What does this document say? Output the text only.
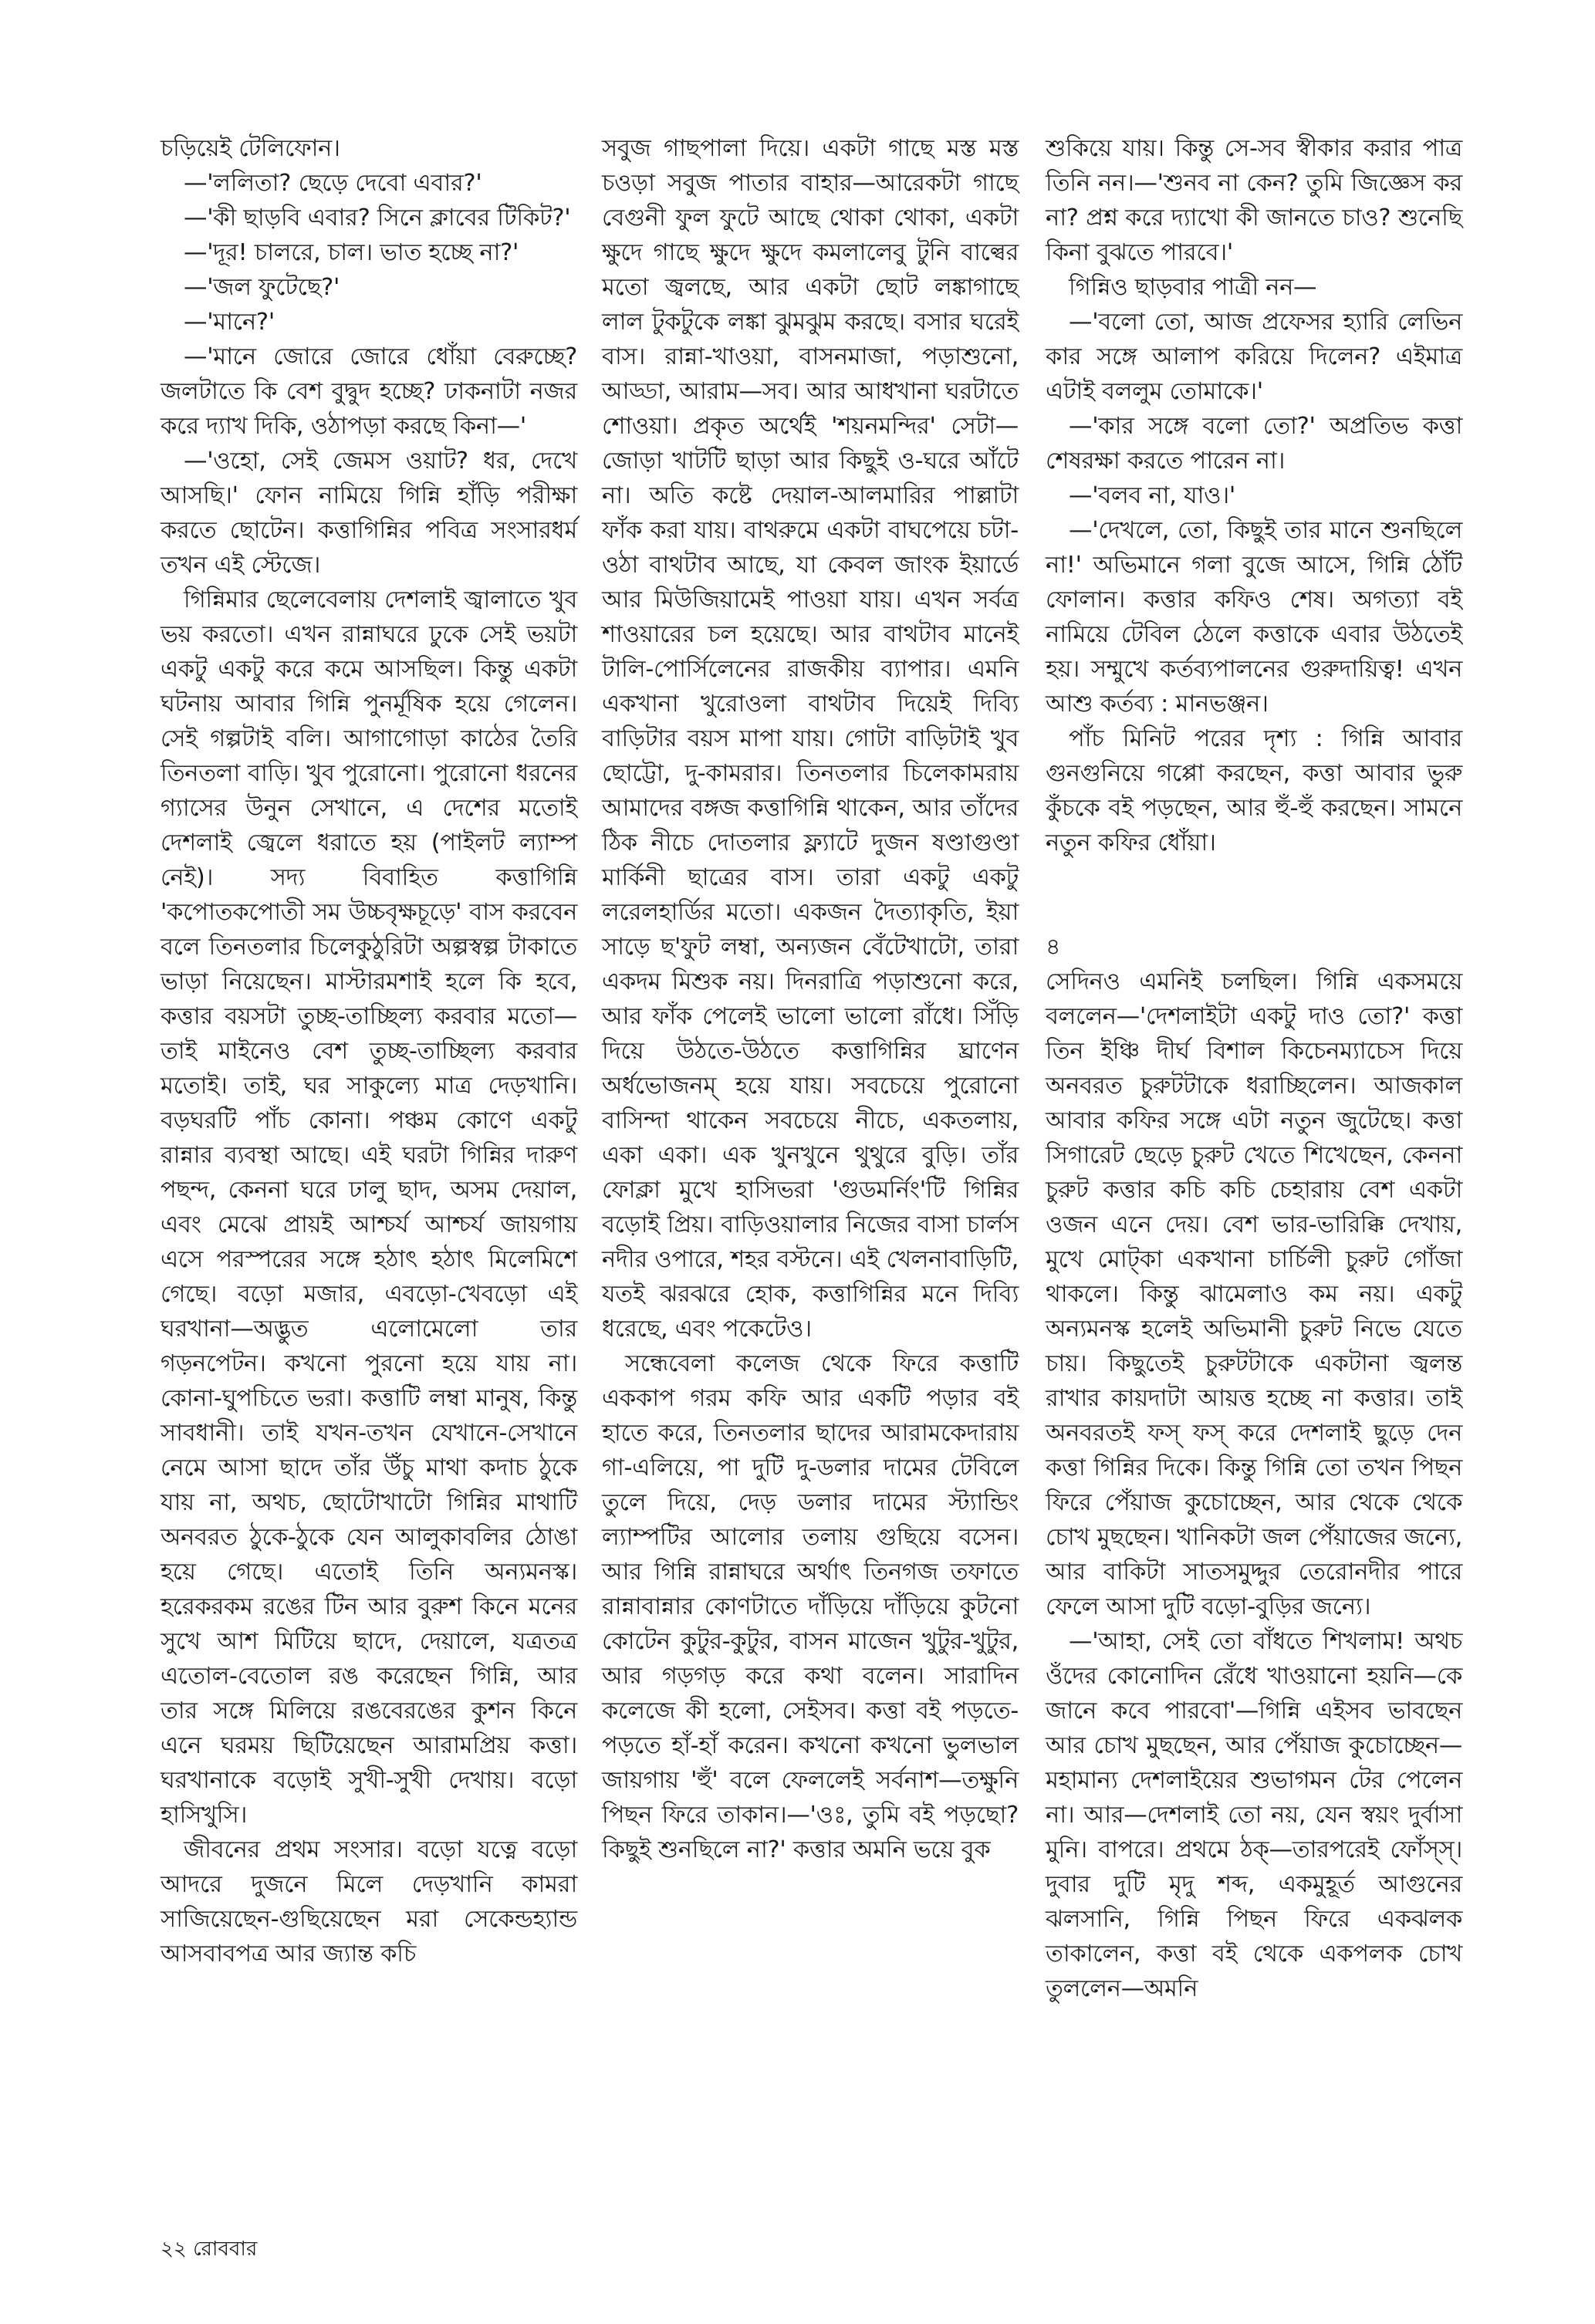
চড়িয়েই টেলিফোন।

—'ললিতা? ছেড়ে দেবো এবার?'

—'কী ছাড়বি এবার? সিনে ক্লাবের টিকিট?'

—'দূর! চালরে, চাল। ভাত হচ্ছে না?'

—'জল ফুটেছে?'

—'মানে?'

—'মানে জোরে জোরে ধোঁয়া বেরুচ্ছে? জলটাতে কি বেশ বুদ্বুদ হচ্ছে? ঢাকনাটা নজর করে দ্যাখ দিকি, ওঠাপড়া করছে কিনা—'

—'ওহো, সেই জেমস ওয়াট? ধর, দেখে আসছি।' ফোন নামিয়ে গিন্নি হাঁড়ি পরীক্ষা করতে ছোটেন। কত্তাগিন্নির পবিত্র সংসারধর্ম তখন এই স্টেজে।

গিন্নিমার ছেলেবেলায় দেশলাই জ্বালাতে খুব ভয় করতো। এখন রান্নাঘরে ঢুকে সেই ভয়টা একটু একটু করে কমে আসছিল। কিন্তু একটা ঘটনায় আবার গিন্নি পুনর্মূষিক হয়ে গেলেন। সেই গল্পটাই বলি। আগাগোড়া কাঠের তৈরি তিনতলা বাড়ি। খুব পুরোনো। পুরোনো ধরনের গ্যাসের উনুন সেখানে, এ দেশের মতোই দেশলাই জ্বেলে ধরাতে হয় (পাইলট ল্যাম্প নেই)। সদ্য বিবাহিত কত্তাগিন্নি 'কপোতকপোতী সম উচ্চবৃক্ষচূড়ে' বাস করবেন বলে তিনতলার চিলেকুঠুরিটা অল্পস্বল্প টাকাতে ভাড়া নিয়েছেন। মাস্টারমশাই হলে কি হবে, কত্তার বয়সটা তুচ্ছ-তাচ্ছিল্য করবার মতো—তাই মাইনেও বেশ তুচ্ছ-তাচ্ছিল্য করবার মতোই। তাই, ঘর সাকুল্যে মাত্র দেড়খানি। বড়ঘরটি পাঁচ কোনা। পঞ্চম কোণে একটু রান্নার ব্যবস্থা আছে। এই ঘরটা গিন্নির দারুণ পছন্দ, কেননা ঘরে ঢালু ছাদ, অসম দেয়াল, এবং মেঝে প্রায়ই আশ্চর্য আশ্চর্য জায়গায় এসে পরস্পরের সঙ্গে হঠাৎ হঠাৎ মিলেমিশে গেছে। বড়ো মজার, এবড়ো-খেবড়ো এই ঘরখানা—অদ্ভুত এলোমেলো তার গড়নপেটন। কখনো পুরনো হয়ে যায় না। কোনা-ঘুপচিতে ভরা। কত্তাটি লম্বা মানুষ, কিন্তু সাবধানী। তাই যখন-তখন যেখানে-সেখানে নেমে আসা ছাদে তাঁর উঁচু মাথা কদাচ ঠুকে যায় না, অথচ, ছোটোখাটো গিন্নির মাথাটি অনবরত ঠুকে-ঠুকে যেন আলুকাবলির ঠোঙা হয়ে গেছে। এতোই তিনি অন্যমনস্ক। হরেকরকম রঙের টিন আর বুরুশ কিনে মনের সুখে আশ মিটিয়ে ছাদে, দেয়ালে, যত্রতত্র এতোল-বেতোল রঙ করেছেন গিন্নি, আর তার সঙ্গে মিলিয়ে রঙবেরঙের কুশন কিনে এনে ঘরময় ছিটিয়েছেন আরামপ্রিয় কত্তা। ঘরখানাকে বড়োই সুখী-সুখী দেখায়। বড়ো হাসিখুসি।

জীবনের প্রথম সংসার। বড়ো যত্নে বড়ো আদরে দুজনে মিলে দেড়খানি কামরা সাজিয়েছেন-গুছিয়েছেন মরা সেকেন্ডহ্যান্ড আসবাবপত্র আর জ্যান্ত কচি

সবুজ গাছপালা দিয়ে। একটা গাছে মস্ত মস্ত চওড়া সবুজ পাতার বাহার—আরেকটা গাছে বেগুনী ফুল ফুটে আছে থোকা থোকা, একটা ক্ষুদে গাছে ক্ষুদে ক্ষুদে কমলালেবু টুনি বাল্বের মতো জ্বলছে, আর একটা ছোট লঙ্কাগাছে লাল টুকটুকে লঙ্কা ঝুমঝুম করছে। বসার ঘরেই বাস। রান্না-খাওয়া, বাসনমাজা, পড়াশুনো, আড্ডা, আরাম—সব। আর আধখানা ঘরটাতে শোওয়া। প্রকৃত অর্থেই 'শয়নমন্দির' সেটা—জোড়া খাটটি ছাড়া আর কিছুই ও-ঘরে আঁটে না। অতি কষ্টে দেয়াল-আলমারির পাল্লাটা ফাঁক করা যায়। বাথরুমে একটা বাঘপেয়ে চটা-ওঠা বাথটাব আছে, যা কেবল জাংক ইয়ার্ডে আর মিউজিয়ামেই পাওয়া যায়। এখন সর্বত্র শাওয়ারের চল হয়েছে। আর বাথটাব মানেই টালি-পোর্সিলেনের রাজকীয় ব্যাপার। এমনি একখানা খুরোওলা বাথটাব দিয়েই দিব্যি বাড়িটার বয়স মাপা যায়। গোটা বাড়িটাই খুব ছোট্টো, দু-কামরার। তিনতলার চিলেকামরায় আমাদের বঙ্গজ কত্তাগিন্নি থাকেন, আর তাঁদের ঠিক নীচে দোতলার ফ্ল্যাটে দুজন ষণ্ডাগুণ্ডা মার্কিনী ছাত্রের বাস। তারা একটু একটু লরেলহার্ডির মতো। একজন দৈত্যাকৃতি, ইয়া সাড়ে ছ'ফুট লম্বা, অন্যজন বেঁটেখাটো, তারা একদম মিশুক নয়। দিনরাত্রি পড়াশুনো করে, আর ফাঁক পেলেই ভালো ভালো রাঁধে। সিঁড়ি দিয়ে উঠতে-উঠতে কত্তাগিন্নির ঘ্রাণেন অর্ধভোজনম্ হয়ে যায়। সবচেয়ে পুরোনো বাসিন্দা থাকেন সবচেয়ে নীচে, একতলায়, একা একা। এক খুনখুনে থুথুরে বুড়ি। তাঁর ফোক্লা মুখে হাসিভরা 'গুডমর্নিং'টি গিন্নির বড়োই প্রিয়। বাড়িওয়ালার নিজের বাসা চার্লস নদীর ওপারে, শহর বস্টনে। এই খেলনাবাড়িটি, যতই ঝরঝরে হোক, কত্তাগিন্নির মনে দিব্যি ধরেছে, এবং পকেটেও।

সন্ধেবেলা কলেজ থেকে ফিরে কত্তাটি এককাপ গরম কফি আর একটি পড়ার বই হাতে করে, তিনতলার ছাদের আরামকেদারায় গা-এলিয়ে, পা দুটি দু-ডলার দামের টেবিলে তুলে দিয়ে, দেড় ডলার দামের স্ট্যান্ডিং ল্যাম্পটির আলোর তলায় গুছিয়ে বসেন। আর গিন্নি রান্নাঘরে অর্থাৎ তিনগজ তফাতে রান্নাবান্নার কোণটাতে দাঁড়িয়ে দাঁড়িয়ে কুটনো কোটেন কুটুর-কুটুর, বাসন মাজেন খুটুর-খুটুর, আর গড়গড় করে কথা বলেন। সারাদিন কলেজে কী হলো, সেইসব। কত্তা বই পড়তে-পড়তে হাঁ-হাঁ করেন। কখনো কখনো ভুলভাল জায়গায় 'হুঁ' বলে ফেললেই সর্বনাশ—তক্ষুনি পিছন ফিরে তাকান।—'ওঃ, তুমি বই পড়ছো? কিছুই শুনছিলে না?' কত্তার অমনি ভয়ে বুক

শুকিয়ে যায়। কিন্তু সে-সব স্বীকার করার পাত্র তিনি নন।—'শুনব না কেন? তুমি জিজ্ঞেস কর না? প্রশ্ন করে দ্যাখো কী জানতে চাও? শুনেছি কিনা বুঝতে পারবে।'

গিন্নিও ছাড়বার পাত্রী নন—

—'বলো তো, আজ প্রফেসর হ্যারি লেভিন কার সঙ্গে আলাপ করিয়ে দিলেন? এইমাত্র এটাই বললুম তোমাকে।'

—'কার সঙ্গে বলো তো?' অপ্রতিভ কত্তা শেষরক্ষা করতে পারেন না।

—'বলব না, যাও।'

—'দেখলে, তো, কিছুই তার মানে শুনছিলে না!' অভিমানে গলা বুজে আসে, গিন্নি ঠোঁট ফোলান। কত্তার কফিও শেষ। অগত্যা বই নামিয়ে টেবিল ঠেলে কত্তাকে এবার উঠতেই হয়। সম্মুখে কর্তব্যপালনের গুরুদায়িত্ব! এখন আশু কর্তব্য : মানভঞ্জন।

পাঁচ মিনিট পরের দৃশ্য : গিন্নি আবার গুনগুনিয়ে গপ্পো করছেন, কত্তা আবার ভুরু কুঁচকে বই পড়ছেন, আর হুঁ-হুঁ করছেন। সামনে নতুন কফির ধোঁয়া।

৪

সেদিনও এমনিই চলছিল। গিন্নি একসময়ে বললেন—'দেশলাইটা একটু দাও তো?' কত্তা তিন ইঞ্চি দীর্ঘ বিশাল কিচেনম্যাচেস দিয়ে অনবরত চুরুটটাকে ধরাচ্ছিলেন। আজকাল আবার কফির সঙ্গে এটা নতুন জুটেছে। কত্তা সিগারেট ছেড়ে চুরুট খেতে শিখেছেন, কেননা চুরুট কত্তার কচি কচি চেহারায় বেশ একটা ওজন এনে দেয়। বেশ ভার-ভারিক্কি দেখায়, মুখে মোট্‌কা একখানা চার্চিলী চুরুট গোঁজা থাকলে। কিন্তু ঝামেলাও কম নয়। একটু অন্যমনস্ক হলেই অভিমানী চুরুট নিভে যেতে চায়। কিছুতেই চুরুটটাকে একটানা জ্বলন্ত রাখার কায়দাটা আয়ত্ত হচ্ছে না কত্তার। তাই অনবরতই ফস্ ফস্ করে দেশলাই ছুড়ে দেন কত্তা গিন্নির দিকে। কিন্তু গিন্নি তো তখন পিছন ফিরে পেঁয়াজ কুচোচ্ছেন, আর থেকে থেকে চোখ মুছছেন। খানিকটা জল পেঁয়াজের জন্যে, আর বাকিটা সাতসমুদ্দুর তেরোনদীর পারে ফেলে আসা দুটি বড়ো-বুড়ির জন্যে।

—'আহা, সেই তো বাঁধতে শিখলাম! অথচ ওঁদের কোনোদিন রেঁধে খাওয়ানো হয়নি—কে জানে কবে পারবো'—গিন্নি এইসব ভাবছেন আর চোখ মুছছেন, আর পেঁয়াজ কুচোচ্ছেন—মহামান্য দেশলাইয়ের শুভাগমন টের পেলেন না। আর—দেশলাই তো নয়, যেন স্বয়ং দুর্বাসা মুনি। বাপরে। প্রথমে ঠক্—তারপরেই ফোঁস্‌স্। দুবার দুটি মৃদু শব্দ, একমুহূর্ত আগুনের ঝলসানি, গিন্নি পিছন ফিরে একঝলক তাকালেন, কত্তা বই থেকে একপলক চোখ তুললেন—অমনি

২২ রোববার
